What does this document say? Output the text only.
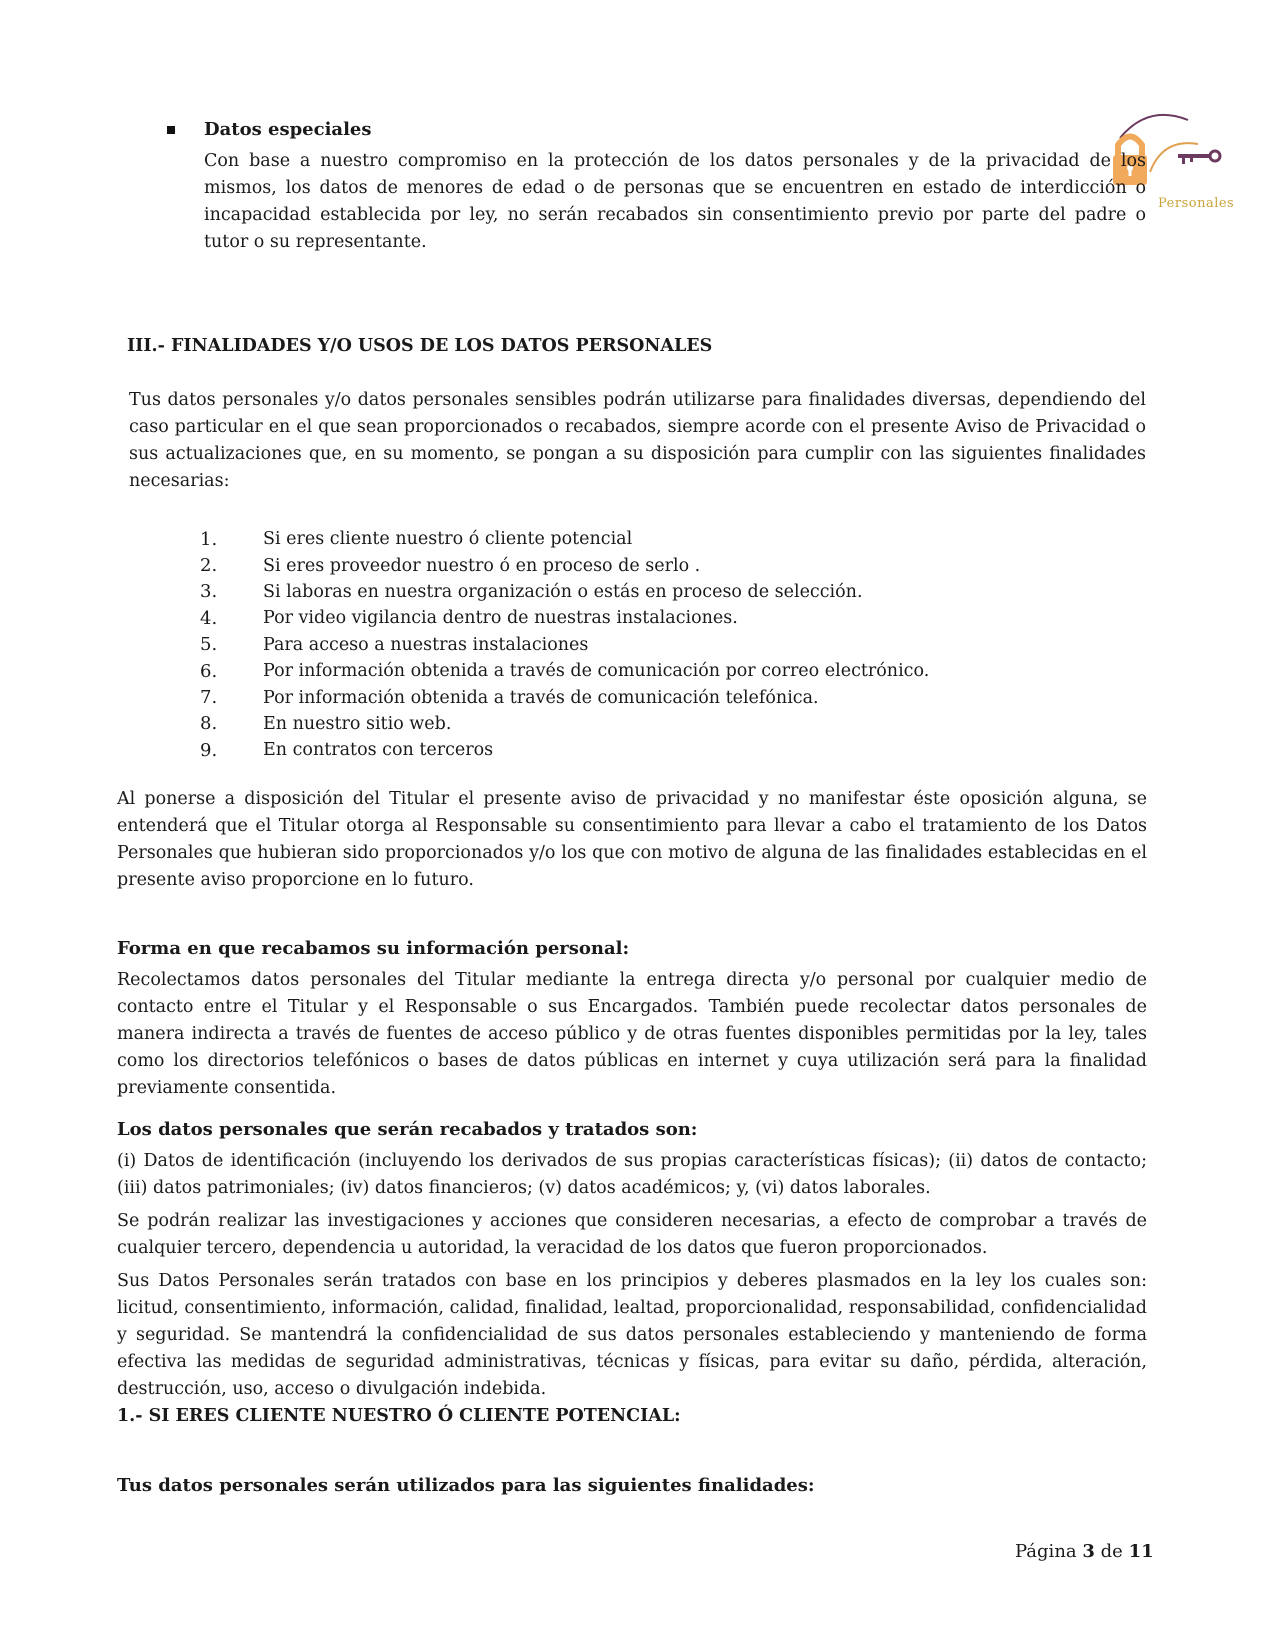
Personales

Datos especiales

Con base a nuestro compromiso en la protección de los datos personales y de la privacidad de los mismos, los datos de menores de edad o de personas que se encuentren en estado de interdicción o incapacidad establecida por ley, no serán recabados sin consentimiento previo por parte del padre o tutor o su representante.

III.- FINALIDADES Y/O USOS DE LOS DATOS PERSONALES

Tus datos personales y/o datos personales sensibles podrán utilizarse para finalidades diversas, dependiendo del caso particular en el que sean proporcionados o recabados, siempre acorde con el presente Aviso de Privacidad o sus actualizaciones que, en su momento, se pongan a su disposición para cumplir con las siguientes finalidades necesarias:

1.	Si eres cliente nuestro ó cliente potencial
2.	Si eres proveedor nuestro ó en proceso de serlo .
3.	Si laboras en nuestra organización o estás en proceso de selección.
4.	Por video vigilancia dentro de nuestras instalaciones.
5.	Para acceso a nuestras instalaciones
6.	Por información obtenida a través de comunicación por correo electrónico.
7.	Por información obtenida a través de comunicación telefónica.
8.	En nuestro sitio web.
9.	En contratos con terceros

Al ponerse a disposición del Titular el presente aviso de privacidad y no manifestar éste oposición alguna, se entenderá que el Titular otorga al Responsable su consentimiento para llevar a cabo el tratamiento de los Datos Personales que hubieran sido proporcionados y/o los que con motivo de alguna de las finalidades establecidas en el presente aviso proporcione en lo futuro.

Forma en que recabamos su información personal:

Recolectamos datos personales del Titular mediante la entrega directa y/o personal por cualquier medio de contacto entre el Titular y el Responsable o sus Encargados. También puede recolectar datos personales de manera indirecta a través de fuentes de acceso público y de otras fuentes disponibles permitidas por la ley, tales como los directorios telefónicos o bases de datos públicas en internet y cuya utilización será para la finalidad previamente consentida.

Los datos personales que serán recabados y tratados son:

(i) Datos de identificación (incluyendo los derivados de sus propias características físicas); (ii) datos de contacto; (iii) datos patrimoniales; (iv) datos financieros; (v) datos académicos; y, (vi) datos laborales.

Se podrán realizar las investigaciones y acciones que consideren necesarias, a efecto de comprobar a través de cualquier tercero, dependencia u autoridad, la veracidad de los datos que fueron proporcionados.

Sus Datos Personales serán tratados con base en los principios y deberes plasmados en la ley los cuales son: licitud, consentimiento, información, calidad, finalidad, lealtad, proporcionalidad, responsabilidad, confidencialidad y seguridad. Se mantendrá la confidencialidad de sus datos personales estableciendo y manteniendo de forma efectiva las medidas de seguridad administrativas, técnicas y físicas, para evitar su daño, pérdida, alteración, destrucción, uso, acceso o divulgación indebida.

1.- SI ERES CLIENTE NUESTRO Ó CLIENTE POTENCIAL:

Tus datos personales serán utilizados para las siguientes finalidades:

Página 3 de 11
